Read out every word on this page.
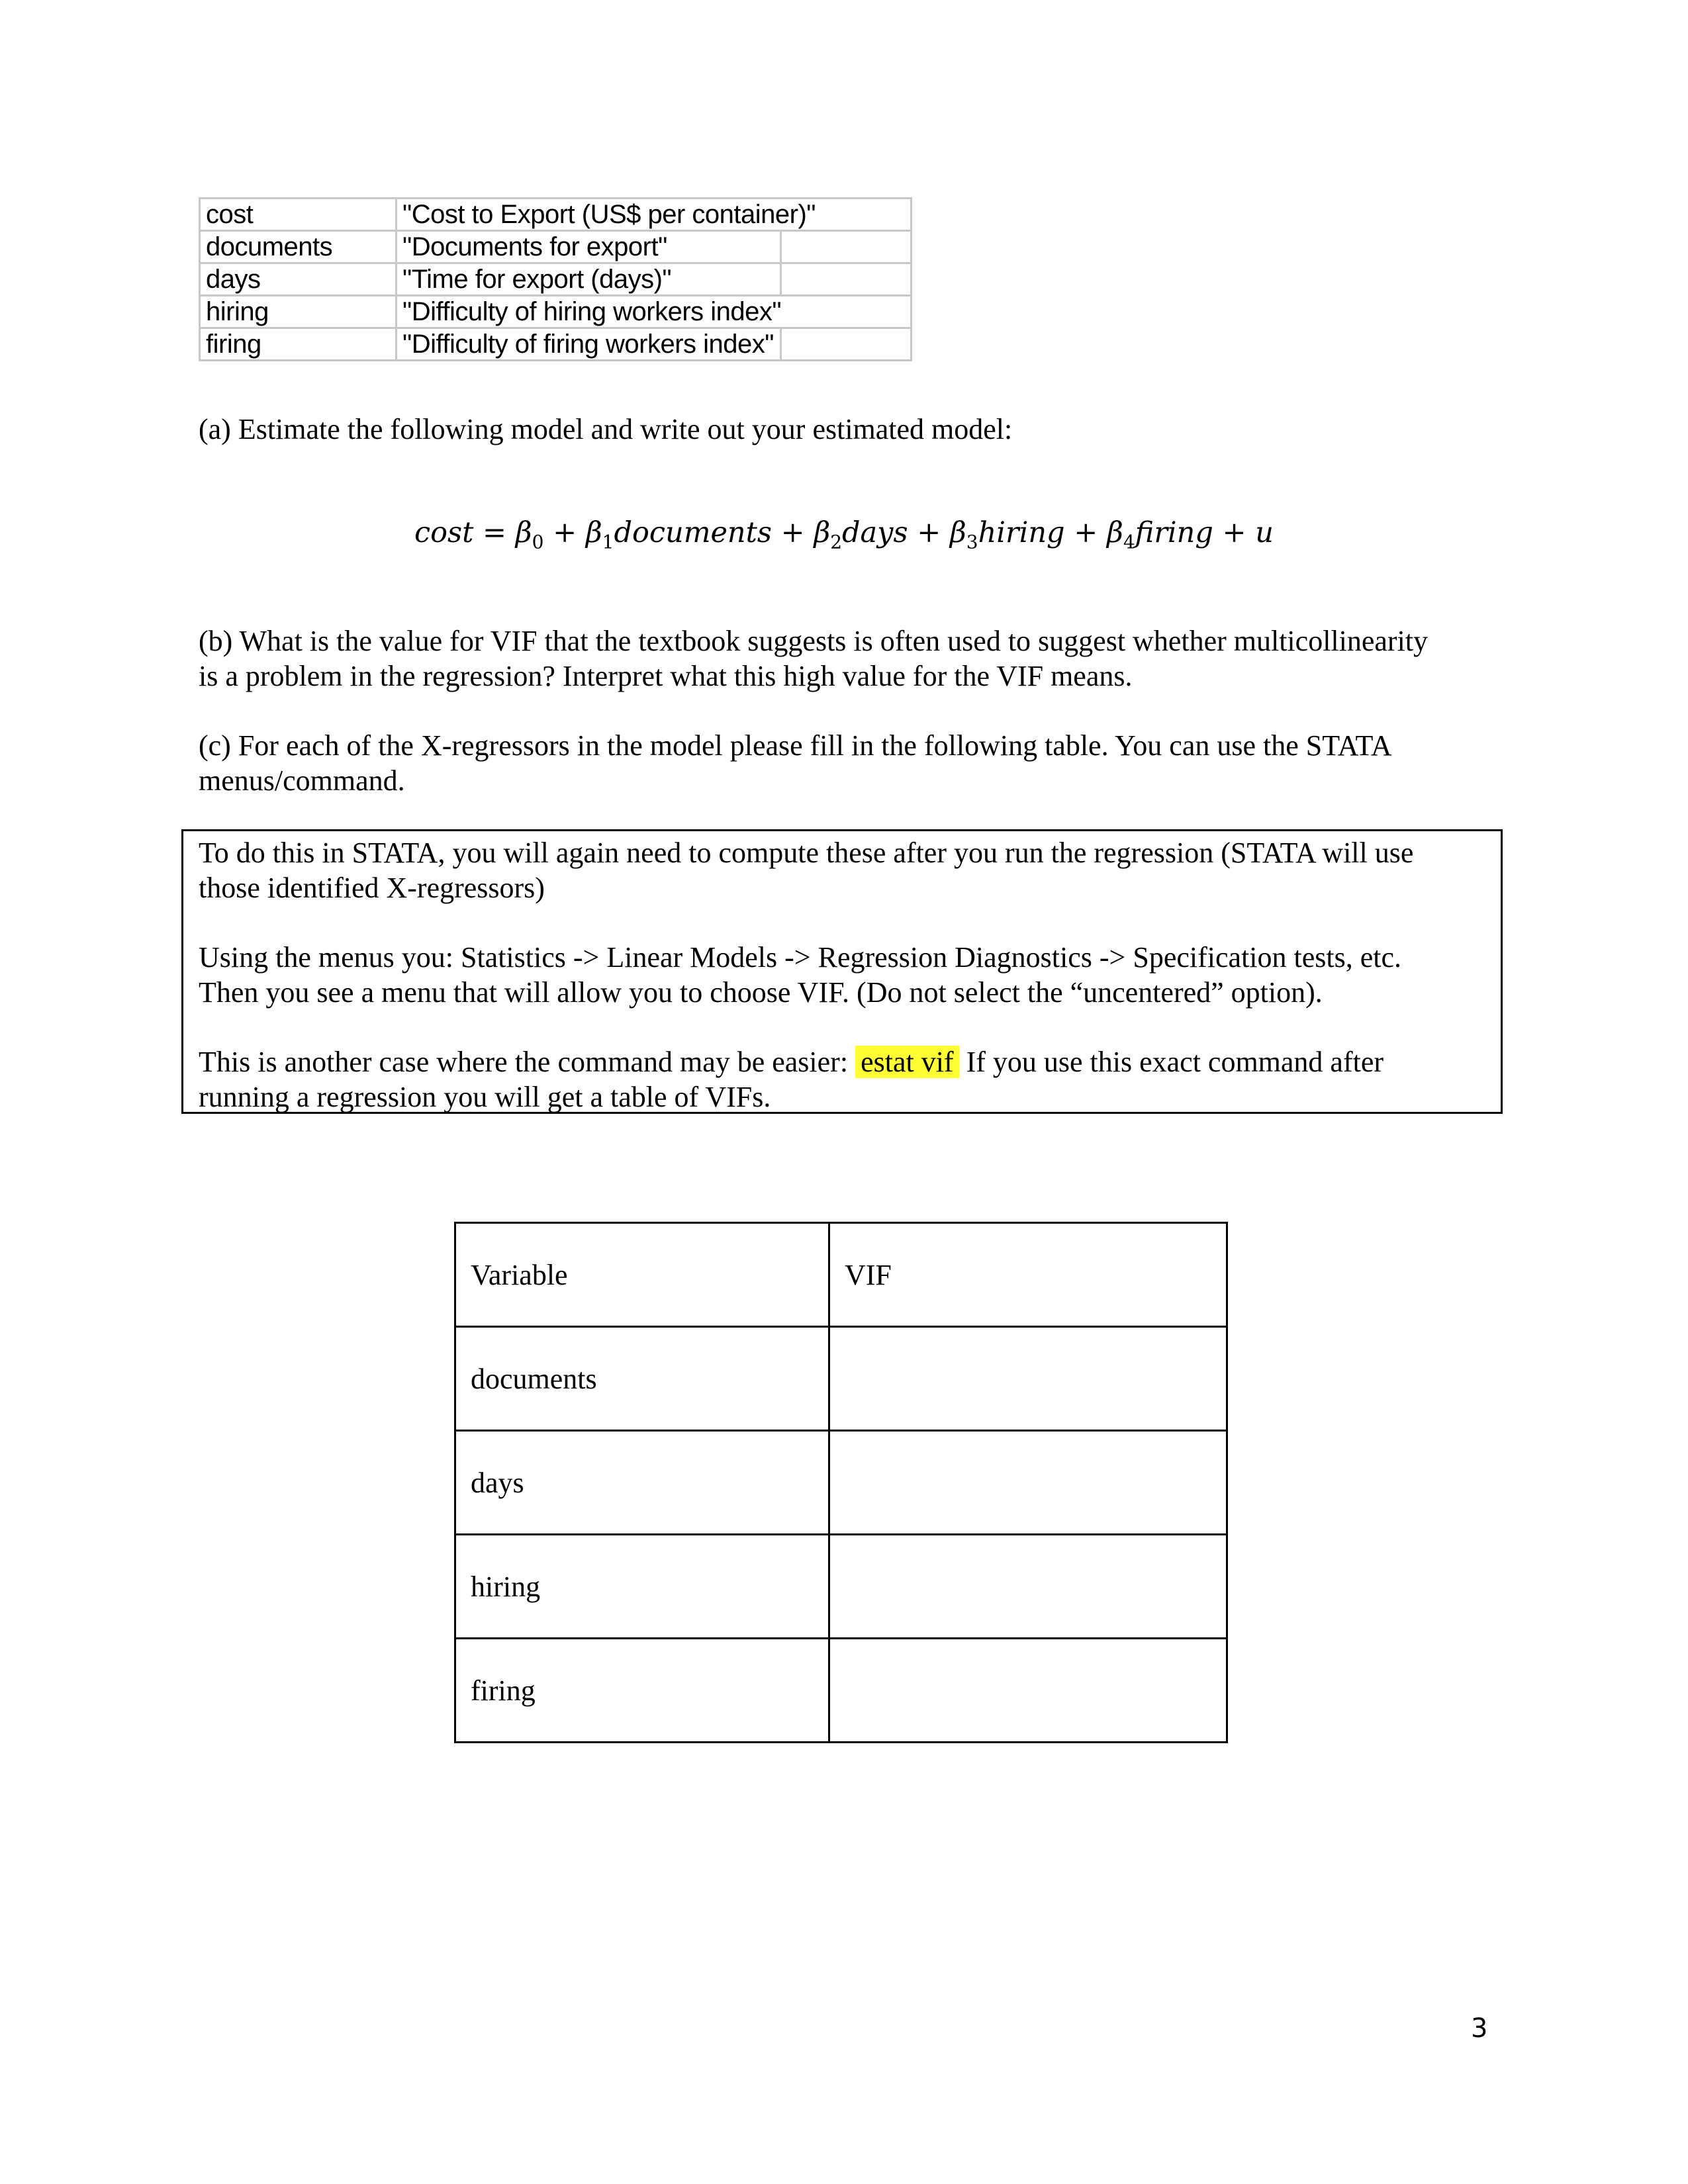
cost	"Cost to Export (US$ per container)"	
documents	"Documents for export"	
days	"Time for export (days)"	
hiring	"Difficulty of hiring workers index"	
firing	"Difficulty of firing workers index"	
(a) Estimate the following model and write out your estimated model:
$\cos t = \beta_0$ + $\beta_1documents$ + $\beta_2days$ + $\beta_3hiring$ + $\beta_4firing + u$
(b) What is the value for VIF that the textbook suggests is often used to suggest whether multicollinearity
is a problem in the regression? Interpret what this high value for the VIF means.
(c) For each of the X-regressors in the model please fill in the following table. You can use the STATA
menus/command.
To do this in STATA, you will again need to compute these after you run the regression (STATA will use
those identified X-regressors)
Using the menus you: Statistics -> Linear Models -> Regression Diagnostics -> Specification tests, etc.
Then you see a menu that will allow you to choose VIF. (Do not select the “uncentered” option).
This is another case where the command may be easier: estat vif If you use this exact command after
running a regression you will get a table of VIFs.
Variable	VIF
documents	
days	
hiring	
firing	
3
